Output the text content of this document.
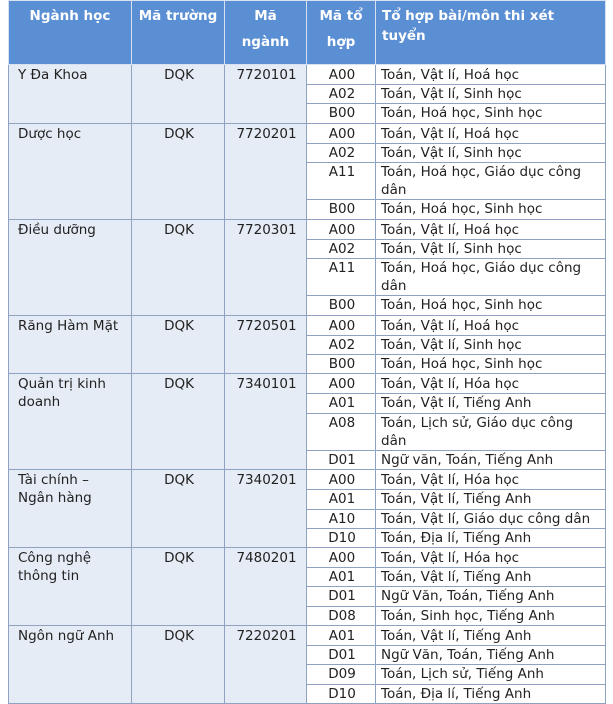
Ngành học	Mã trường	Mã ngành	Mã tổ hợp	Tổ hợp bài/môn thi xét tuyển
Y Đa Khoa	DQK	7720101	A00	Toán, Vật lí, Hoá học
			A02	Toán, Vật lí, Sinh học
			B00	Toán, Hoá học, Sinh học
Dược học	DQK	7720201	A00	Toán, Vật lí, Hoá học
			A02	Toán, Vật lí, Sinh học
			A11	Toán, Hoá học, Giáo dục công dân
			B00	Toán, Hoá học, Sinh học
Điều dưỡng	DQK	7720301	A00	Toán, Vật lí, Hoá học
			A02	Toán, Vật lí, Sinh học
			A11	Toán, Hoá học, Giáo dục công dân
			B00	Toán, Hoá học, Sinh học
Răng Hàm Mặt	DQK	7720501	A00	Toán, Vật lí, Hoá học
			A02	Toán, Vật lí, Sinh học
			B00	Toán, Hoá học, Sinh học
Quản trị kinh doanh	DQK	7340101	A00	Toán, Vật lí, Hóa học
			A01	Toán, Vật lí, Tiếng Anh
			A08	Toán, Lịch sử, Giáo dục công dân
			D01	Ngữ văn, Toán, Tiếng Anh
Tài chính – Ngân hàng	DQK	7340201	A00	Toán, Vật lí, Hóa học
			A01	Toán, Vật lí, Tiếng Anh
			A10	Toán, Vật lí, Giáo dục công dân
			D10	Toán, Địa lí, Tiếng Anh
Công nghệ thông tin	DQK	7480201	A00	Toán, Vật lí, Hóa học
			A01	Toán, Vật lí, Tiếng Anh
			D01	Ngữ Văn, Toán, Tiếng Anh
			D08	Toán, Sinh học, Tiếng Anh
Ngôn ngữ Anh	DQK	7220201	A01	Toán, Vật lí, Tiếng Anh
			D01	Ngữ Văn, Toán, Tiếng Anh
			D09	Toán, Lịch sử, Tiếng Anh
			D10	Toán, Địa lí, Tiếng Anh
